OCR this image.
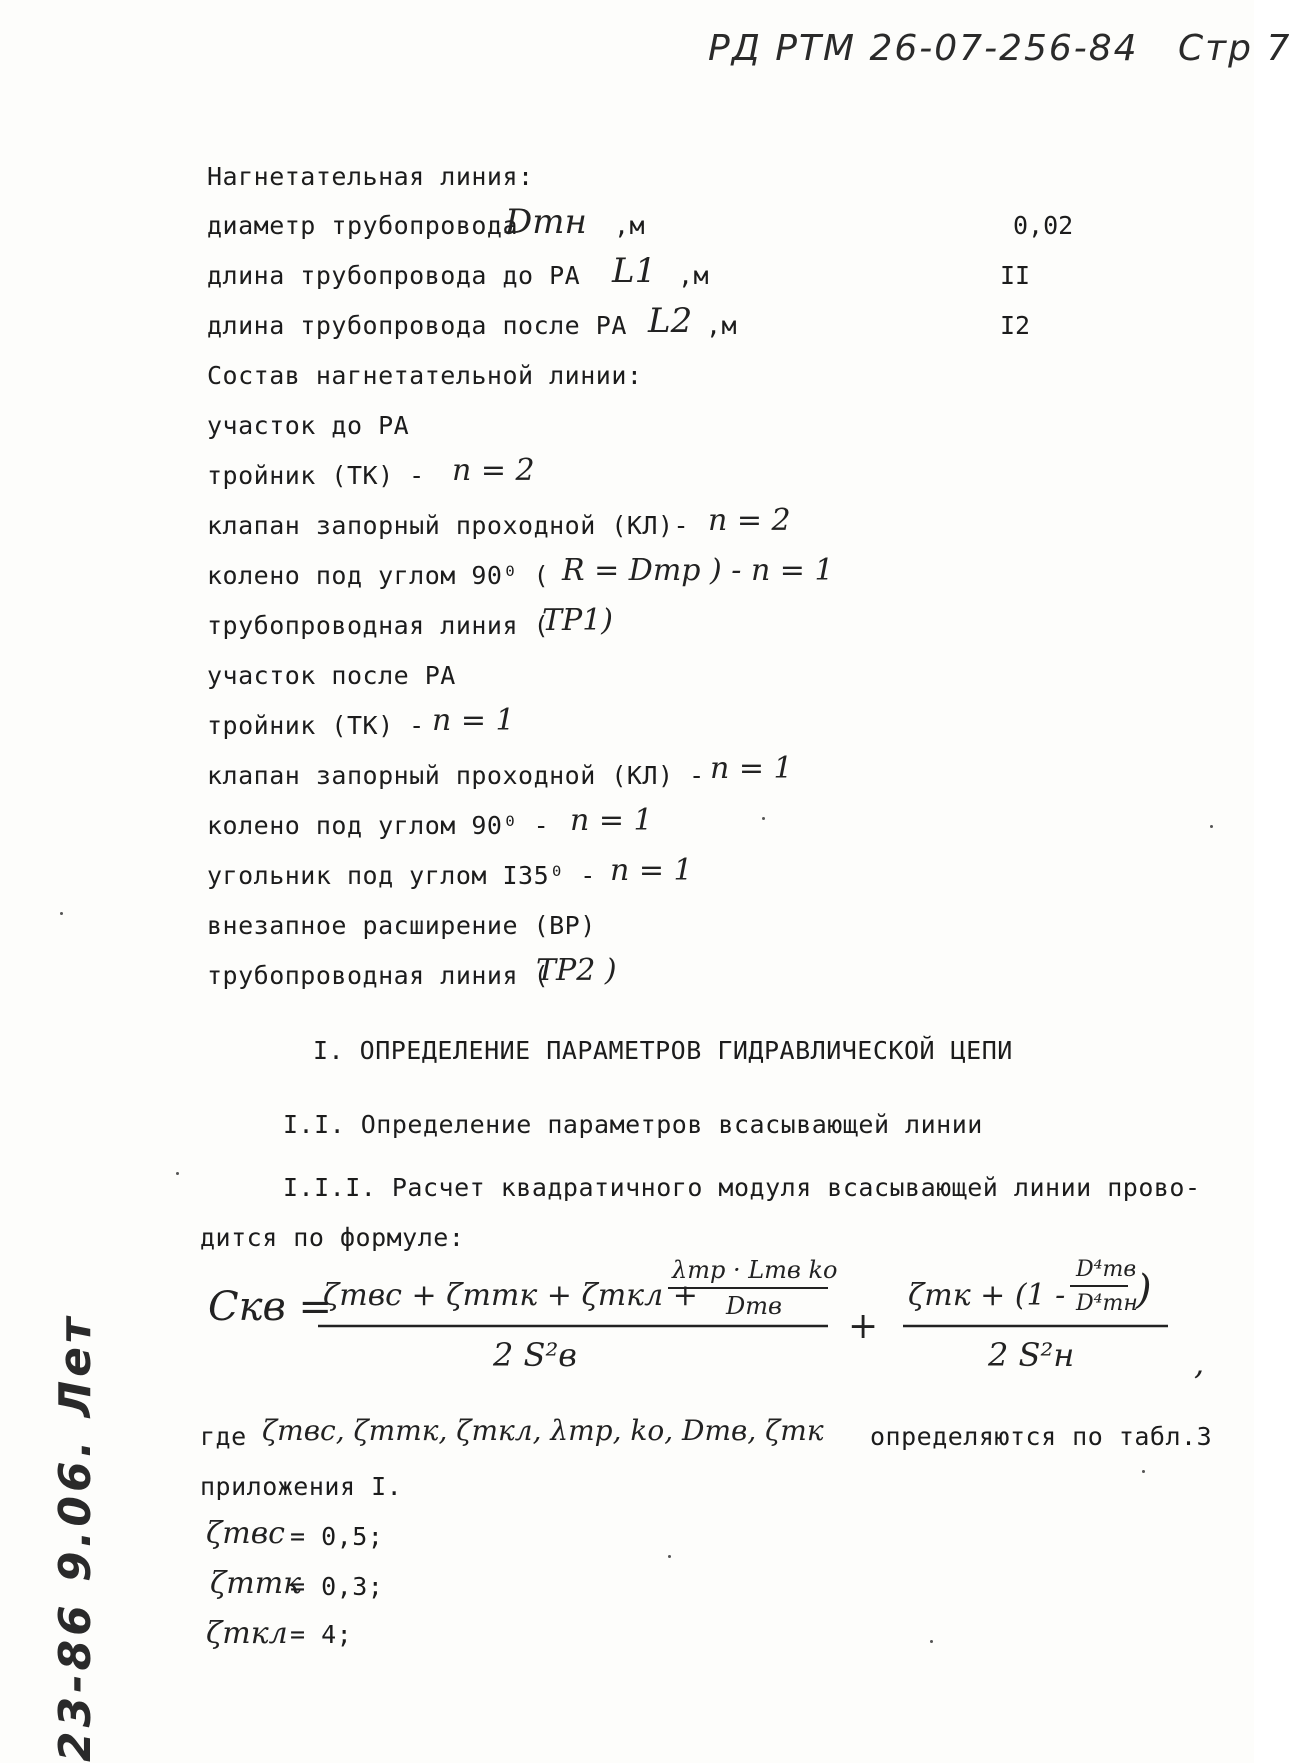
РД РТМ 26-07-256-84 Стр 7
23-86 9.06. Лет
Нагнетательная линия:
диаметр трубопровода
Dтн ,м	0,02
длина трубопровода до РА L1 ,м	II
длина трубопровода после РА L2 ,м	I2
Состав нагнетательной линии:
участок до РА
тройник (ТК) - n = 2
клапан запорный проходной (КЛ)- n = 2
колено под углом 90⁰ ( R = Dтр ) - n = 1
трубопроводная линия (
ТР1)
участок после РА
тройник (ТК) - n = 1
клапан запорный проходной (КЛ) - n = 1
колено под углом 90⁰ - n = 1
угольник под углом I35⁰ - n = 1
внезапное расширение (ВР)
трубопроводная линия (
ТР2 )
I. ОПРЕДЕЛЕНИЕ ПАРАМЕТРОВ ГИДРАВЛИЧЕСКОЙ ЦЕПИ
I.I. Определение параметров всасывающей линии
I.I.I. Расчет квадратичного модуля всасывающей линии прово-
дится по формуле:
Cкв =
ζтвс + ζттк + ζткл +
λтр · Lтв kо
Dтв
2 S²в
+
ζтк + (1 -
D⁴тв
D⁴тн
)
2 S²н	,
где ζтвс, ζттк, ζткл, λтр, kо, Dтв, ζтк определяются по табл.3
приложения I.
ζтвс = 0,5;
ζттк
= 0,3;
ζткл = 4;
